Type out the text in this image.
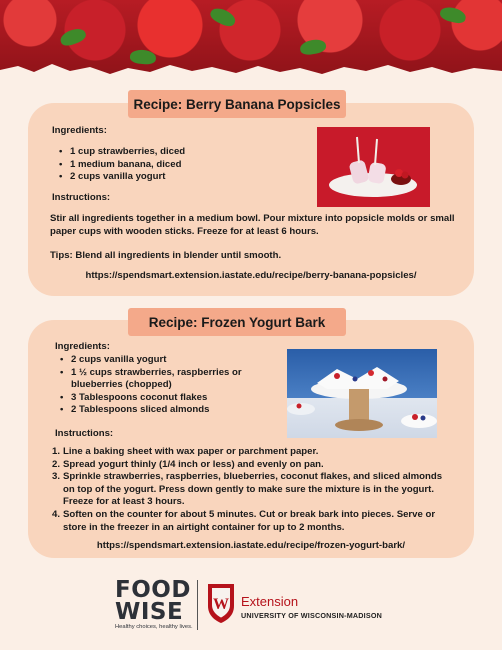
Recipe: Berry Banana Popsicles
Ingredients:
• 1 cup strawberries, diced
• 1 medium banana, diced
• 2 cups vanilla yogurt
Instructions:
Stir all ingredients together in a medium bowl. Pour mixture into popsicle molds or small paper cups with wooden sticks. Freeze for at least 6 hours.
Tips: Blend all ingredients in blender until smooth.
https://spendsmart.extension.iastate.edu/recipe/berry-banana-popsicles/
Recipe: Frozen Yogurt Bark
Ingredients:
• 2 cups vanilla yogurt
• 1 ½ cups strawberries, raspberries or blueberries (chopped)
• 3 Tablespoons coconut flakes
• 2 Tablespoons sliced almonds
Instructions:
1. Line a baking sheet with wax paper or parchment paper.
2. Spread yogurt thinly (1/4 inch or less) and evenly on pan.
3. Sprinkle strawberries, raspberries, blueberries, coconut flakes, and sliced almonds on top of the yogurt. Press down gently to make sure the mixture is in the yogurt. Freeze for at least 3 hours.
4. Soften on the counter for about 5 minutes. Cut or break bark into pieces. Serve or store in the freezer in an airtight container for up to 2 months.
https://spendsmart.extension.iastate.edu/recipe/frozen-yogurt-bark/
FOOD
WISE
Healthy choices, healthy lives.
W Extension
UNIVERSITY OF WISCONSIN-MADISON
